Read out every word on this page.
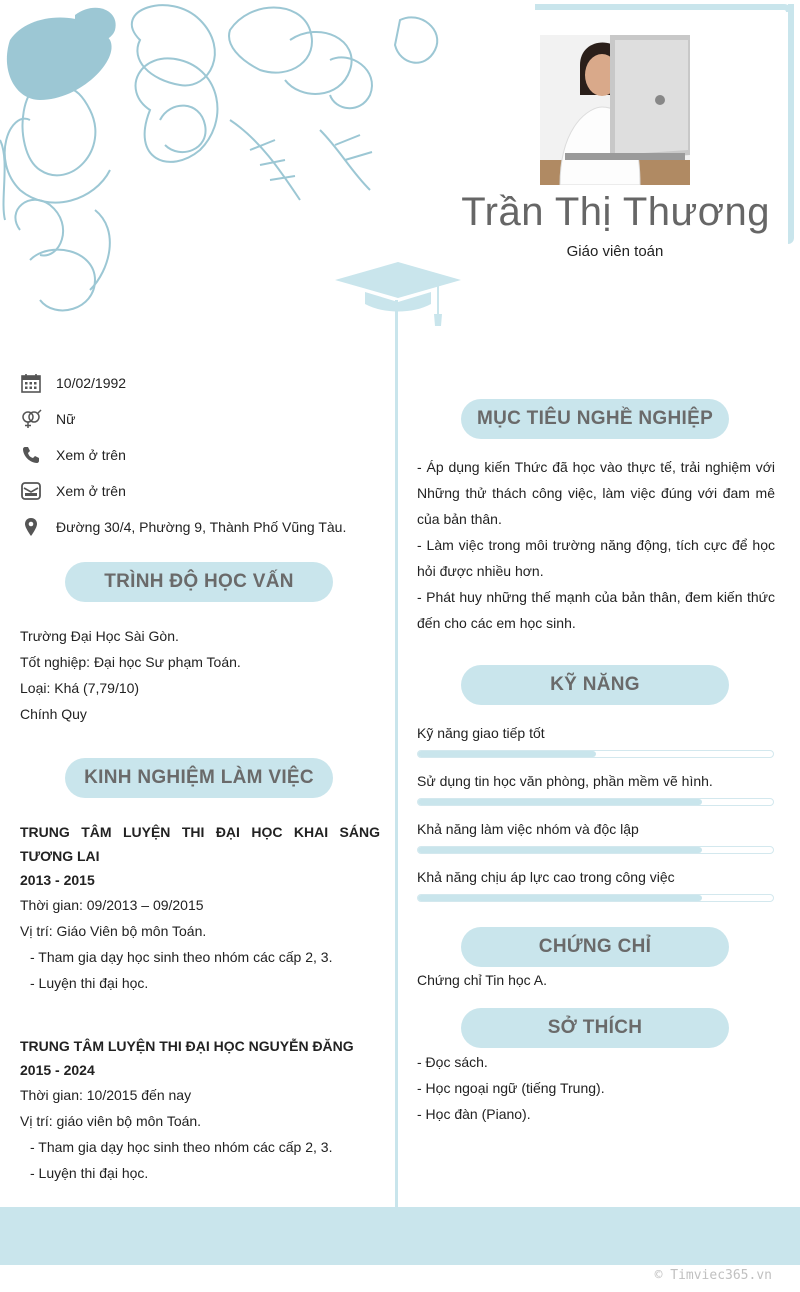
Trần Thị Thương
Giáo viên toán
10/02/1992
Nữ
Xem ở trên
Xem ở trên
Đường 30/4, Phường 9, Thành Phố Vũng Tàu.
TRÌNH ĐỘ HỌC VẤN
Trường Đại Học Sài Gòn.
Tốt nghiệp: Đại học Sư phạm Toán.
Loại: Khá (7,79/10)
Chính Quy
KINH NGHIỆM LÀM VIỆC
TRUNG TÂM LUYỆN THI ĐẠI HỌC KHAI SÁNG TƯƠNG LAI
2013 - 2015
Thời gian: 09/2013 – 09/2015
Vị trí: Giáo Viên bộ môn Toán.
- Tham gia dạy học sinh theo nhóm các cấp 2, 3.
- Luyện thi đại học.
TRUNG TÂM LUYỆN THI ĐẠI HỌC NGUYỄN ĐĂNG
2015 - 2024
Thời gian: 10/2015 đến nay
Vị trí: giáo viên bộ môn Toán.
- Tham gia dạy học sinh theo nhóm các cấp 2, 3.
- Luyện thi đại học.
MỤC TIÊU NGHỀ NGHIỆP
- Áp dụng kiến Thức đã học vào thực tế, trải nghiệm với Những thử thách công việc, làm việc đúng với đam mê của bản thân.
- Làm việc trong môi trường năng động, tích cực để học hỏi được nhiều hơn.
- Phát huy những thế mạnh của bản thân, đem kiến thức đến cho các em học sinh.
KỸ NĂNG
Kỹ năng giao tiếp tốt
Sử dụng tin học văn phòng, phần mềm vẽ hình.
Khả năng làm việc nhóm và độc lập
Khả năng chịu áp lực cao trong công việc
CHỨNG CHỈ
Chứng chỉ Tin học A.
SỞ THÍCH
- Đọc sách.
- Học ngoại ngữ (tiếng Trung).
- Học đàn (Piano).
© Timviec365.vn
